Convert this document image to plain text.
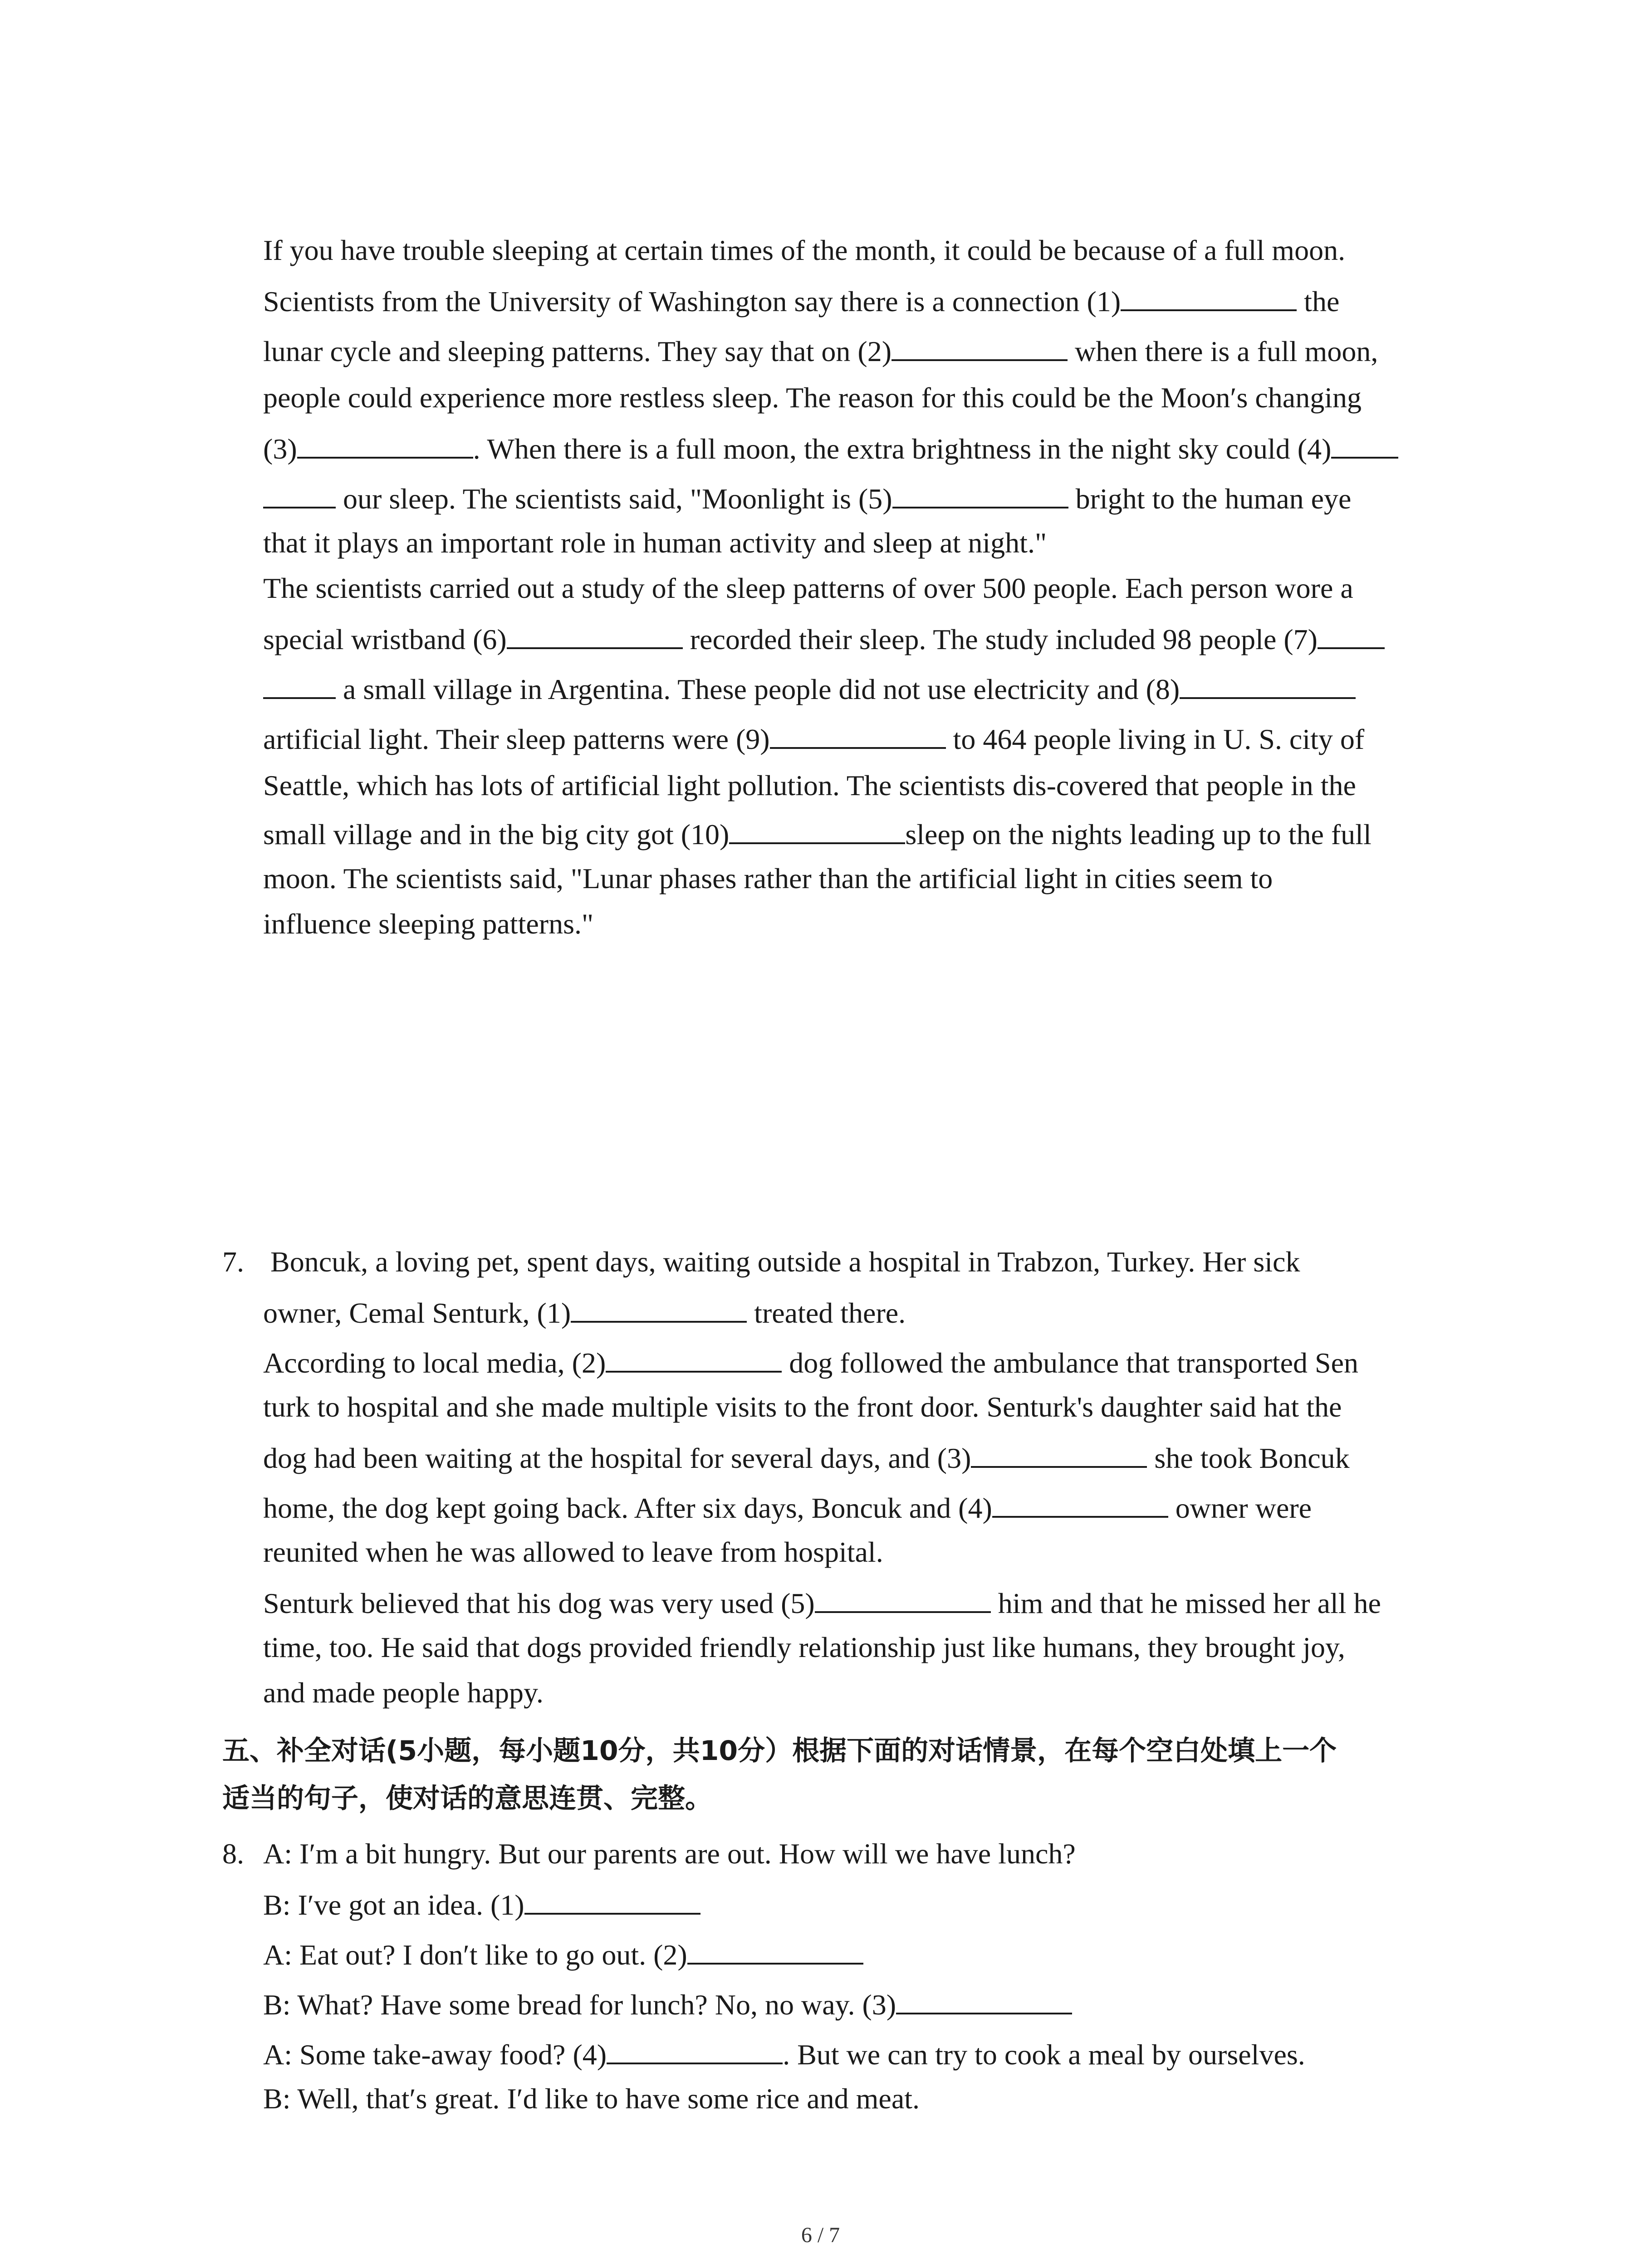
If you have trouble sleeping at certain times of the month, it could be because of a full moon.
Scientists from the University of Washington say there is a connection (1)	the
lunar cycle and sleeping patterns. They say that on (2)	when there is a full moon,
people could experience more restless sleep. The reason for this could be the Moon′s changing
(3)	. When there is a full moon, the extra brightness in the night sky could (4)
our sleep. The scientists said, "Moonlight is (5)	bright to the human eye
that it plays an important role in human activity and sleep at night."
The scientists carried out a study of the sleep patterns of over 500 people. Each person wore a
special wristband (6)	recorded their sleep. The study included 98 people (7)
a small village in Argentina. These people did not use electricity and (8)
artificial light. Their sleep patterns were (9)	to 464 people living in U. S. city of
Seattle, which has lots of artificial light pollution. The scientists dis-covered that people in the
small village and in the big city got (10)	sleep on the nights leading up to the full
moon. The scientists said, "Lunar phases rather than the artificial light in cities seem to
influence sleeping patterns."
7. Boncuk, a loving pet, spent days, waiting outside a hospital in Trabzon, Turkey. Her sick
owner, Cemal Senturk, (1)	treated there.
According to local media, (2)	dog followed the ambulance that transported Sen
turk to hospital and she made multiple visits to the front door. Senturk's daughter said hat the
dog had been waiting at the hospital for several days, and (3)	she took Boncuk
home, the dog kept going back. After six days, Boncuk and (4)	owner were
reunited when he was allowed to leave from hospital.
Senturk believed that his dog was very used (5)	him and that he missed her all he
time, too. He said that dogs provided friendly relationship just like humans, they brought joy,
and made people happy.
五、补全对话(5小题，每小题10分，共10分）根据下面的对话情景，在每个空白处填上一个
适当的句子，使对话的意思连贯、完整。
8. A: I′m a bit hungry. But our parents are out. How will we have lunch?
B: I′ve got an idea. (1)
A: Eat out? I don′t like to go out. (2)
B: What? Have some bread for lunch? No, no way. (3)
A: Some take-away food? (4)	. But we can try to cook a meal by ourselves.
B: Well, that′s great. I′d like to have some rice and meat.
6 / 7
